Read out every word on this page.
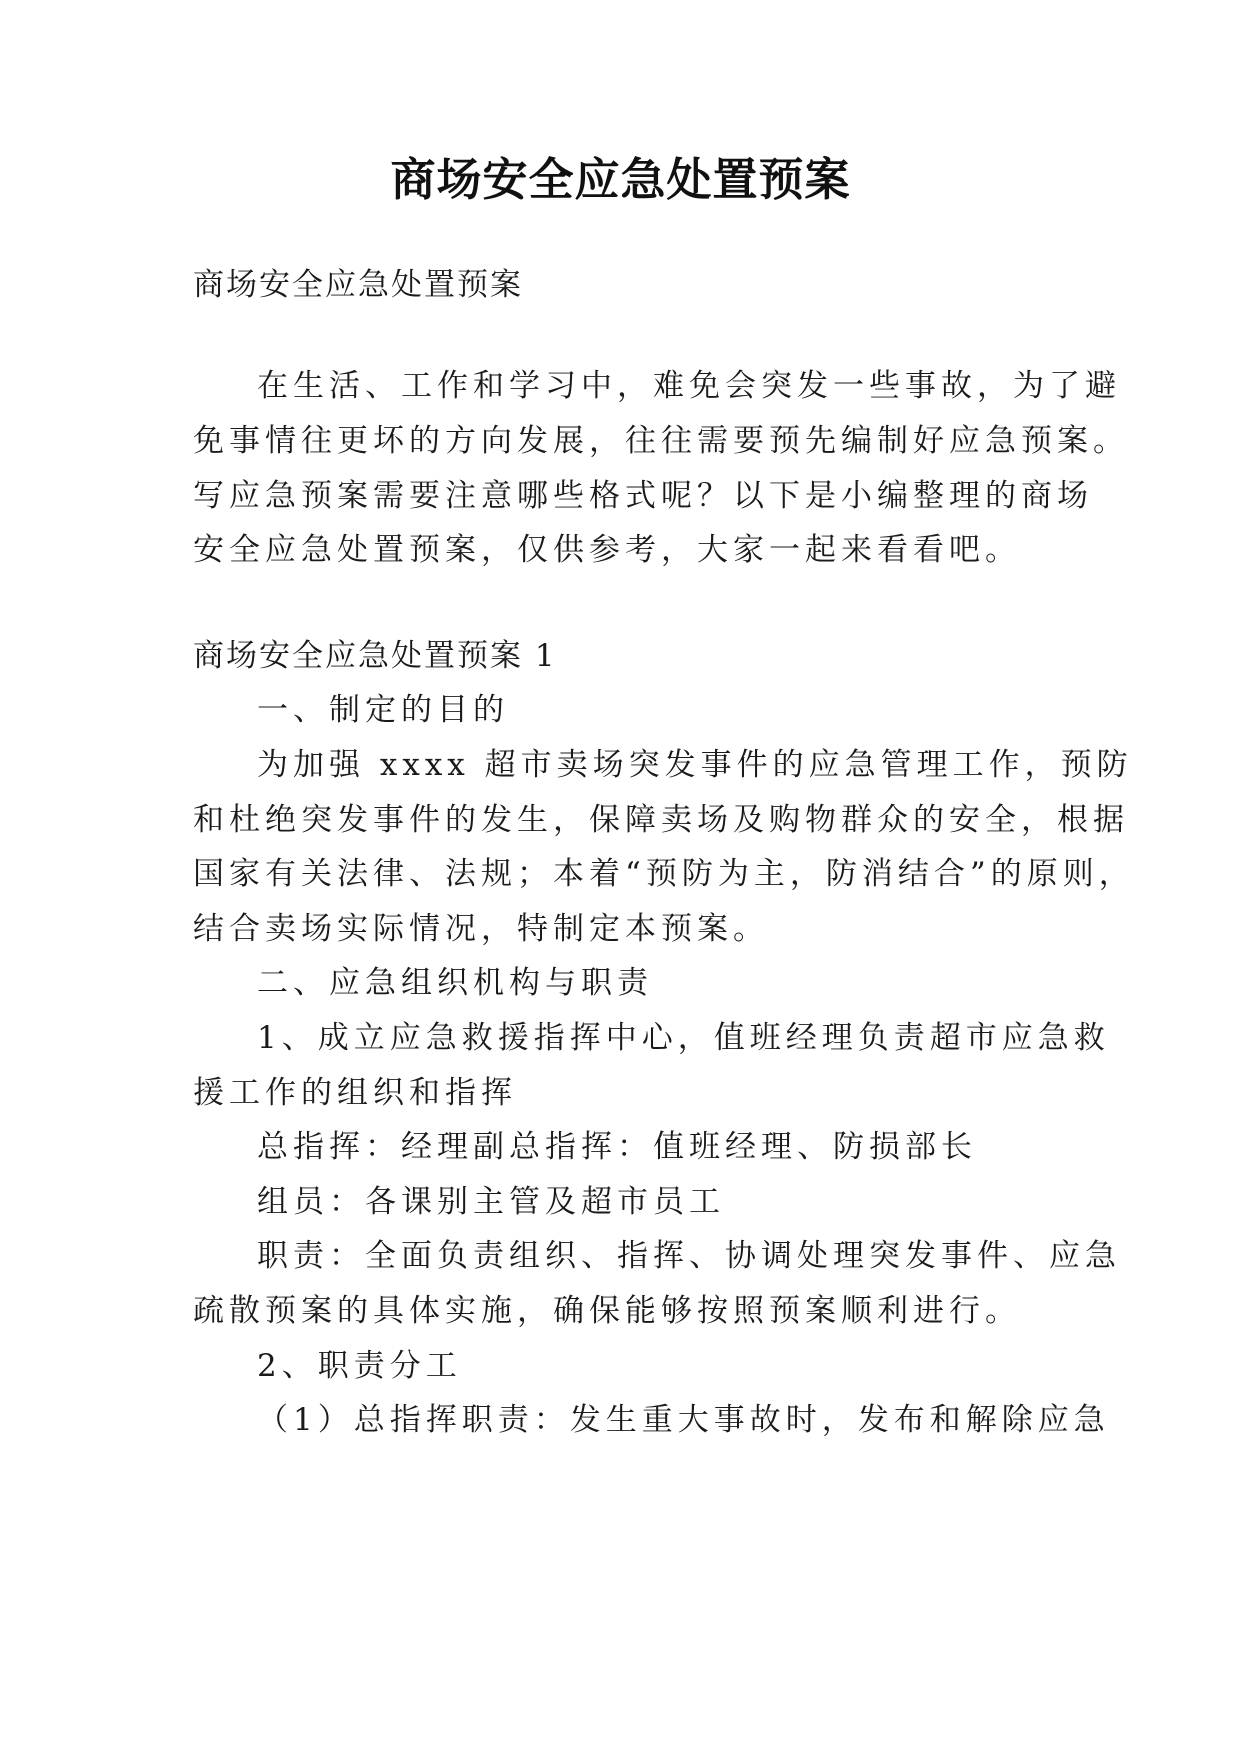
商场安全应急处置预案
商场安全应急处置预案
在生活、工作和学习中，难免会突发一些事故，为了避
免事情往更坏的方向发展，往往需要预先编制好应急预案。
写应急预案需要注意哪些格式呢？以下是小编整理的商场
安全应急处置预案，仅供参考，大家一起来看看吧。
商场安全应急处置预案 1
一、制定的目的
为加强 xxxx 超市卖场突发事件的应急管理工作，预防
和杜绝突发事件的发生，保障卖场及购物群众的安全，根据
国家有关法律、法规；本着“预防为主，防消结合”的原则，
结合卖场实际情况，特制定本预案。
二、应急组织机构与职责
1、成立应急救援指挥中心，值班经理负责超市应急救
援工作的组织和指挥
总指挥：经理副总指挥：值班经理、防损部长
组员：各课别主管及超市员工
职责：全面负责组织、指挥、协调处理突发事件、应急
疏散预案的具体实施，确保能够按照预案顺利进行。
2、职责分工
（1）总指挥职责：发生重大事故时，发布和解除应急
